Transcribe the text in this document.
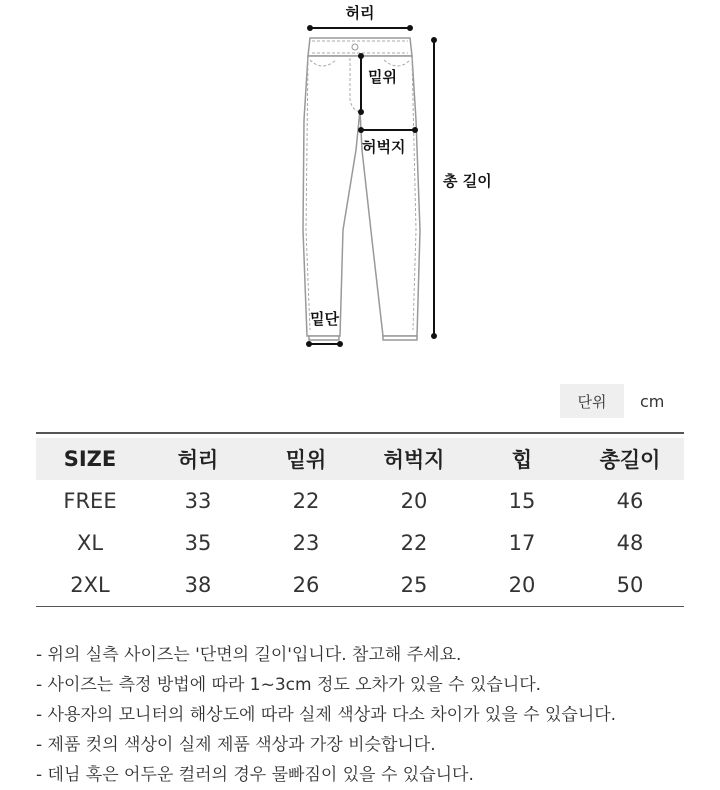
허리
밑위
허벅지
총 길이
밑단
단위 cm
SIZE	허리	밑위	허벅지	힙	총길이
FREE	33	22	20	15	46
XL	35	23	22	17	48
2XL	38	26	25	20	50
- 위의 실측 사이즈는 '단면의 길이'입니다. 참고해 주세요.
- 사이즈는 측정 방법에 따라 1~3cm 정도 오차가 있을 수 있습니다.
- 사용자의 모니터의 해상도에 따라 실제 색상과 다소 차이가 있을 수 있습니다.
- 제품 컷의 색상이 실제 제품 색상과 가장 비슷합니다.
- 데님 혹은 어두운 컬러의 경우 물빠짐이 있을 수 있습니다.
